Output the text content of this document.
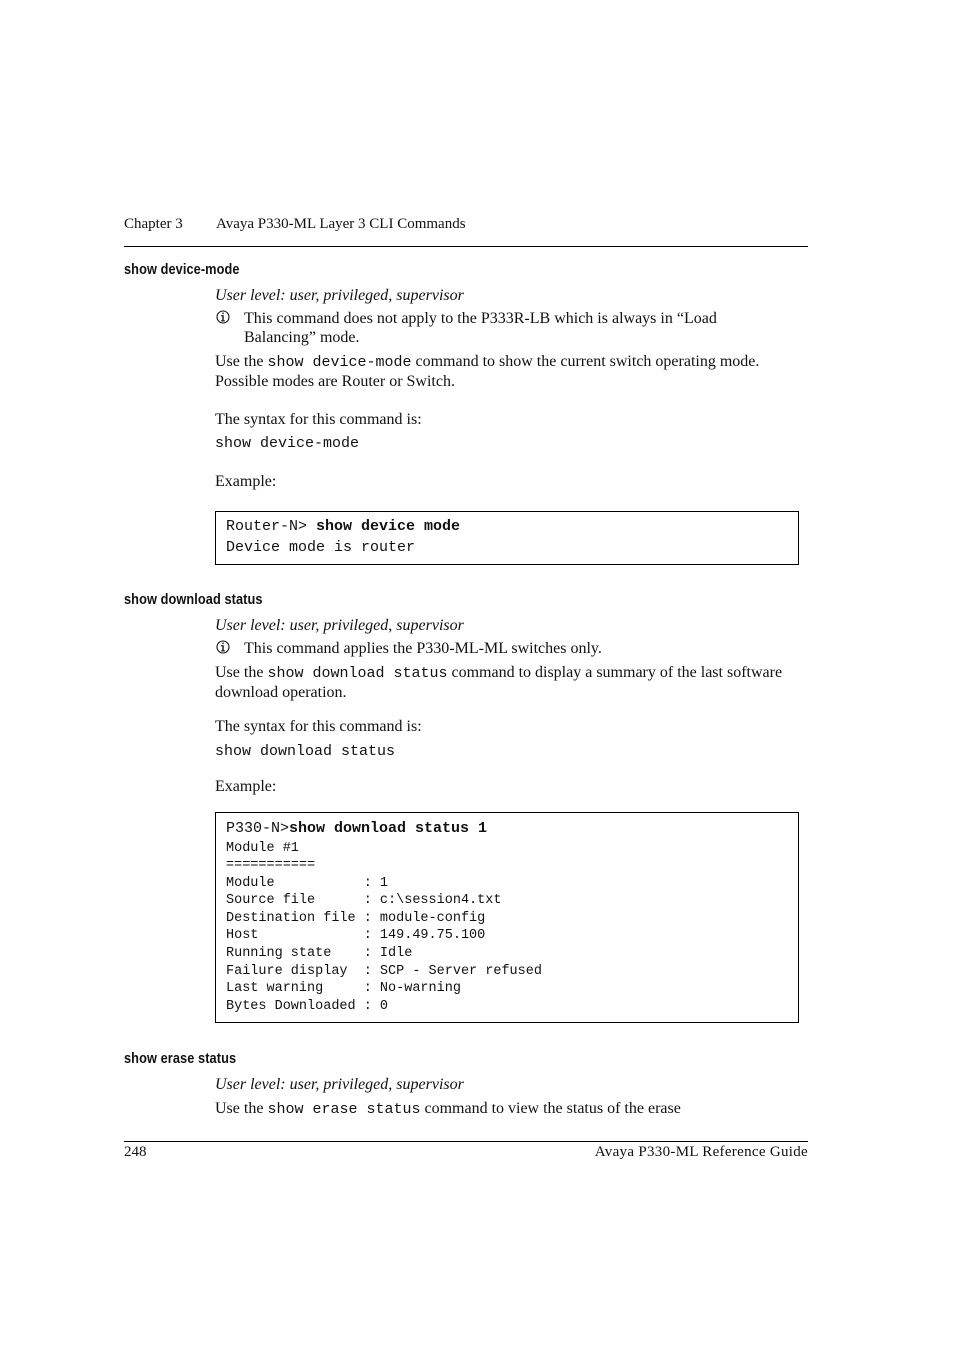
Chapter 3 Avaya P330-ML Layer 3 CLI Commands
show device-mode
User level: user, privileged, supervisor
This command does not apply to the P333R-LB which is always in “Load Balancing” mode.
Use the show device-mode command to show the current switch operating mode. Possible modes are Router or Switch.
The syntax for this command is:
show device-mode
Example:
Router-N> show device mode
Device mode is router
show download status
User level: user, privileged, supervisor
This command applies the P330-ML-ML switches only.
Use the show download status command to display a summary of the last software download operation.
The syntax for this command is:
show download status
Example:
P330-N>show download status 1
Module #1
===========
Module           : 1
Source file      : c:\session4.txt
Destination file : module-config
Host             : 149.49.75.100
Running state    : Idle
Failure display  : SCP - Server refused
Last warning     : No-warning
Bytes Downloaded : 0
show erase status
User level: user, privileged, supervisor
Use the show erase status command to view the status of the erase
248	Avaya P330-ML Reference Guide
